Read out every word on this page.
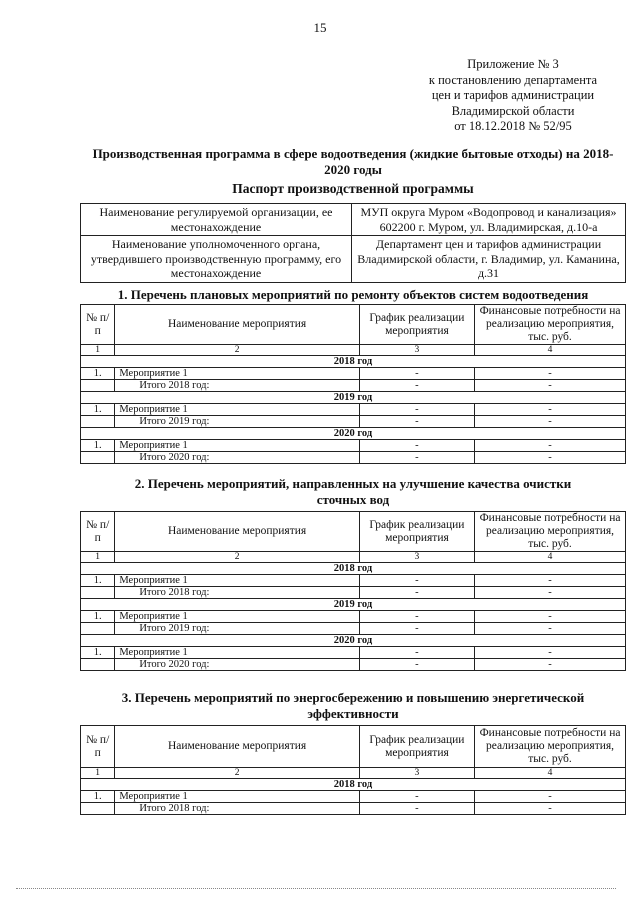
15
Приложение № 3
к постановлению департамента
цен и тарифов администрации
Владимирской области
от 18.12.2018 № 52/95
Производственная программа в сфере водоотведения (жидкие бытовые отходы) на 2018-
2020 годы
Паспорт производственной программы
Наименование регулируемой организации, ее местонахождение	МУП округа Муром «Водопровод и канализация» 602200 г. Муром, ул. Владимирская, д.10-а
Наименование уполномоченного органа, утвердившего производственную программу, его местонахождение	Департамент цен и тарифов администрации Владимирской области, г. Владимир, ул. Каманина, д.31
1. Перечень плановых мероприятий по ремонту объектов систем водоотведения
№ п/п	Наименование мероприятия	График реализации мероприятия	Финансовые потребности на реализацию мероприятия, тыс. руб.
1	2	3	4
2018 год			
1.	Мероприятие 1	-	-
	Итого 2018 год:	-	-
2019 год			
1.	Мероприятие 1	-	-
	Итого 2019 год:	-	-
2020 год			
1.	Мероприятие 1	-	-
	Итого 2020 год:	-	-
2. Перечень мероприятий, направленных на улучшение качества очистки
сточных вод
№ п/п	Наименование мероприятия	График реализации мероприятия	Финансовые потребности на реализацию мероприятия, тыс. руб.
1	2	3	4
2018 год			
1.	Мероприятие 1	-	-
	Итого 2018 год:	-	-
2019 год			
1.	Мероприятие 1	-	-
	Итого 2019 год:	-	-
2020 год			
1.	Мероприятие 1	-	-
	Итого 2020 год:	-	-
3. Перечень мероприятий по энергосбережению и повышению энергетической
эффективности
№ п/п	Наименование мероприятия	График реализации мероприятия	Финансовые потребности на реализацию мероприятия, тыс. руб.
1	2	3	4
2018 год			
1.	Мероприятие 1	-	-
	Итого 2018 год:	-	-
